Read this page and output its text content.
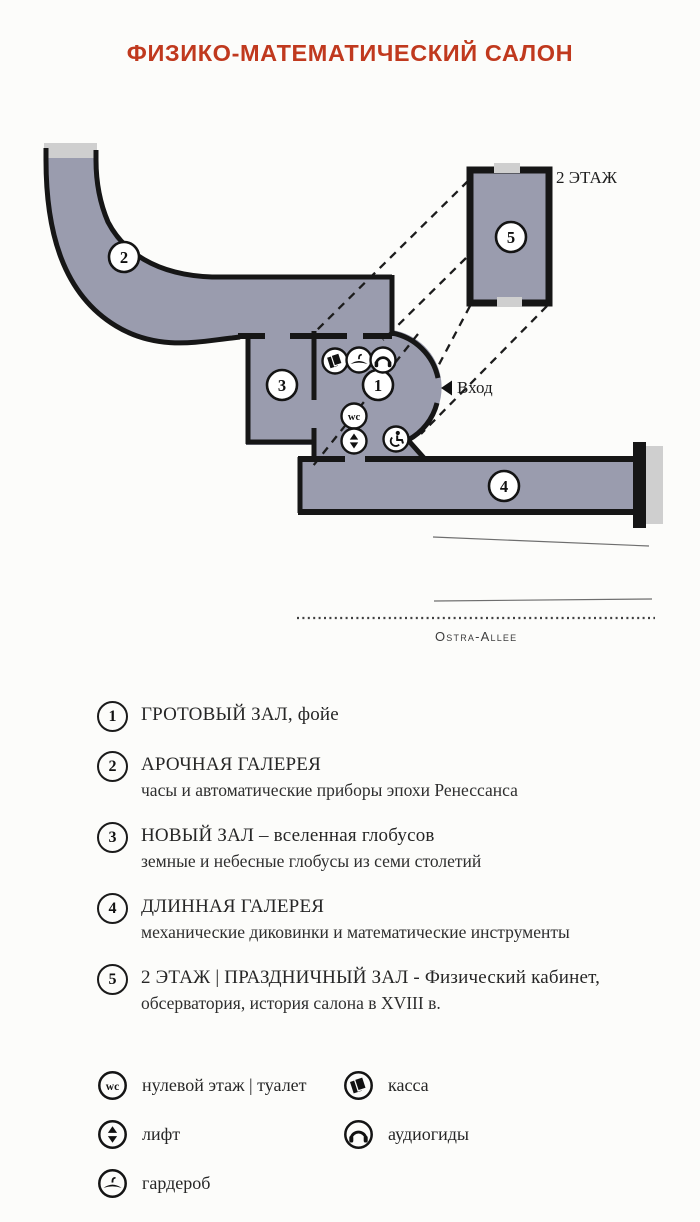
ФИЗИКО-МАТЕМАТИЧЕСКИЙ САЛОН
Ostra-Allee
2 ЭТАЖ
Вход
1
2
3
4
5
wc
1	ГРОТОВЫЙ ЗАЛ, фойе
2	АРОЧНАЯ ГАЛЕРЕЯ
часы и автоматические приборы эпохи Ренессанса
3	НОВЫЙ ЗАЛ – вселенная глобусов
земные и небесные глобусы из семи столетий
4	ДЛИННАЯ ГАЛЕРЕЯ
механические диковинки и математические инструменты
5	2 ЭТАЖ | ПРАЗДНИЧНЫЙ ЗАЛ - Физический кабинет,
обсерватория, история салона в XVIII в.
wc нулевой этаж | туалет	касса
лифт	аудиогиды
гардероб
